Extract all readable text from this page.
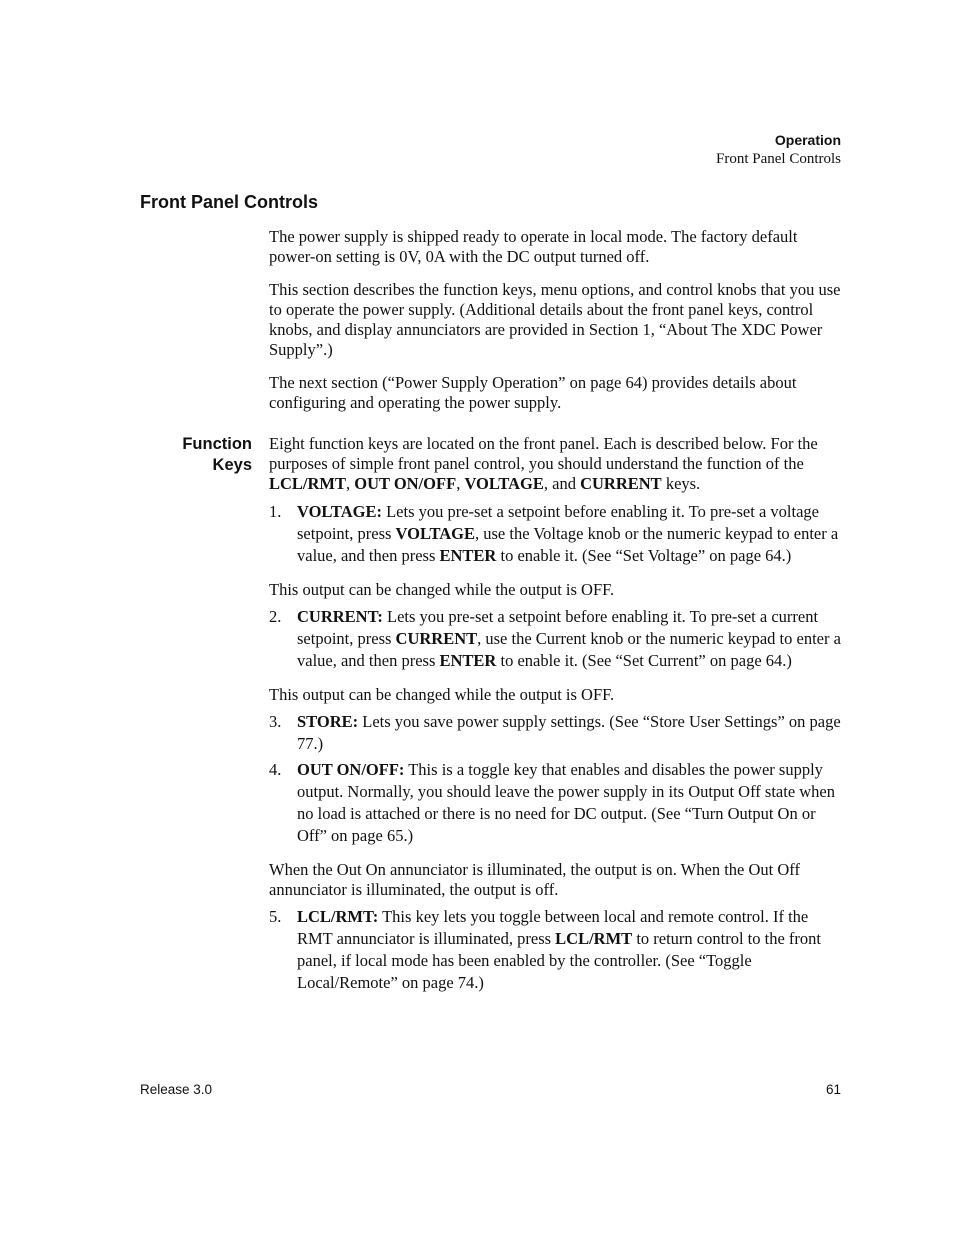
Operation
Front Panel Controls
Front Panel Controls

The power supply is shipped ready to operate in local mode. The factory default power-on setting is 0V, 0A with the DC output turned off.

This section describes the function keys, menu options, and control knobs that you use to operate the power supply. (Additional details about the front panel keys, control knobs, and display annunciators are provided in Section 1, “About The XDC Power Supply”.)

The next section (“Power Supply Operation” on page 64) provides details about configuring and operating the power supply.

Function
Keys

Eight function keys are located on the front panel. Each is described below. For the purposes of simple front panel control, you should understand the function of the LCL/RMT, OUT ON/OFF, VOLTAGE, and CURRENT keys.

1. VOLTAGE: Lets you pre-set a setpoint before enabling it. To pre-set a voltage setpoint, press VOLTAGE, use the Voltage knob or the numeric keypad to enter a value, and then press ENTER to enable it. (See “Set Voltage” on page 64.)

This output can be changed while the output is OFF.

2. CURRENT: Lets you pre-set a setpoint before enabling it. To pre-set a current setpoint, press CURRENT, use the Current knob or the numeric keypad to enter a value, and then press ENTER to enable it. (See “Set Current” on page 64.)

This output can be changed while the output is OFF.

3. STORE: Lets you save power supply settings. (See “Store User Settings” on page 77.)
4. OUT ON/OFF: This is a toggle key that enables and disables the power supply output. Normally, you should leave the power supply in its Output Off state when no load is attached or there is no need for DC output. (See “Turn Output On or Off” on page 65.)

When the Out On annunciator is illuminated, the output is on. When the Out Off annunciator is illuminated, the output is off.

5. LCL/RMT: This key lets you toggle between local and remote control. If the RMT annunciator is illuminated, press LCL/RMT to return control to the front panel, if local mode has been enabled by the controller. (See “Toggle Local/Remote” on page 74.)
Release 3.0	61
